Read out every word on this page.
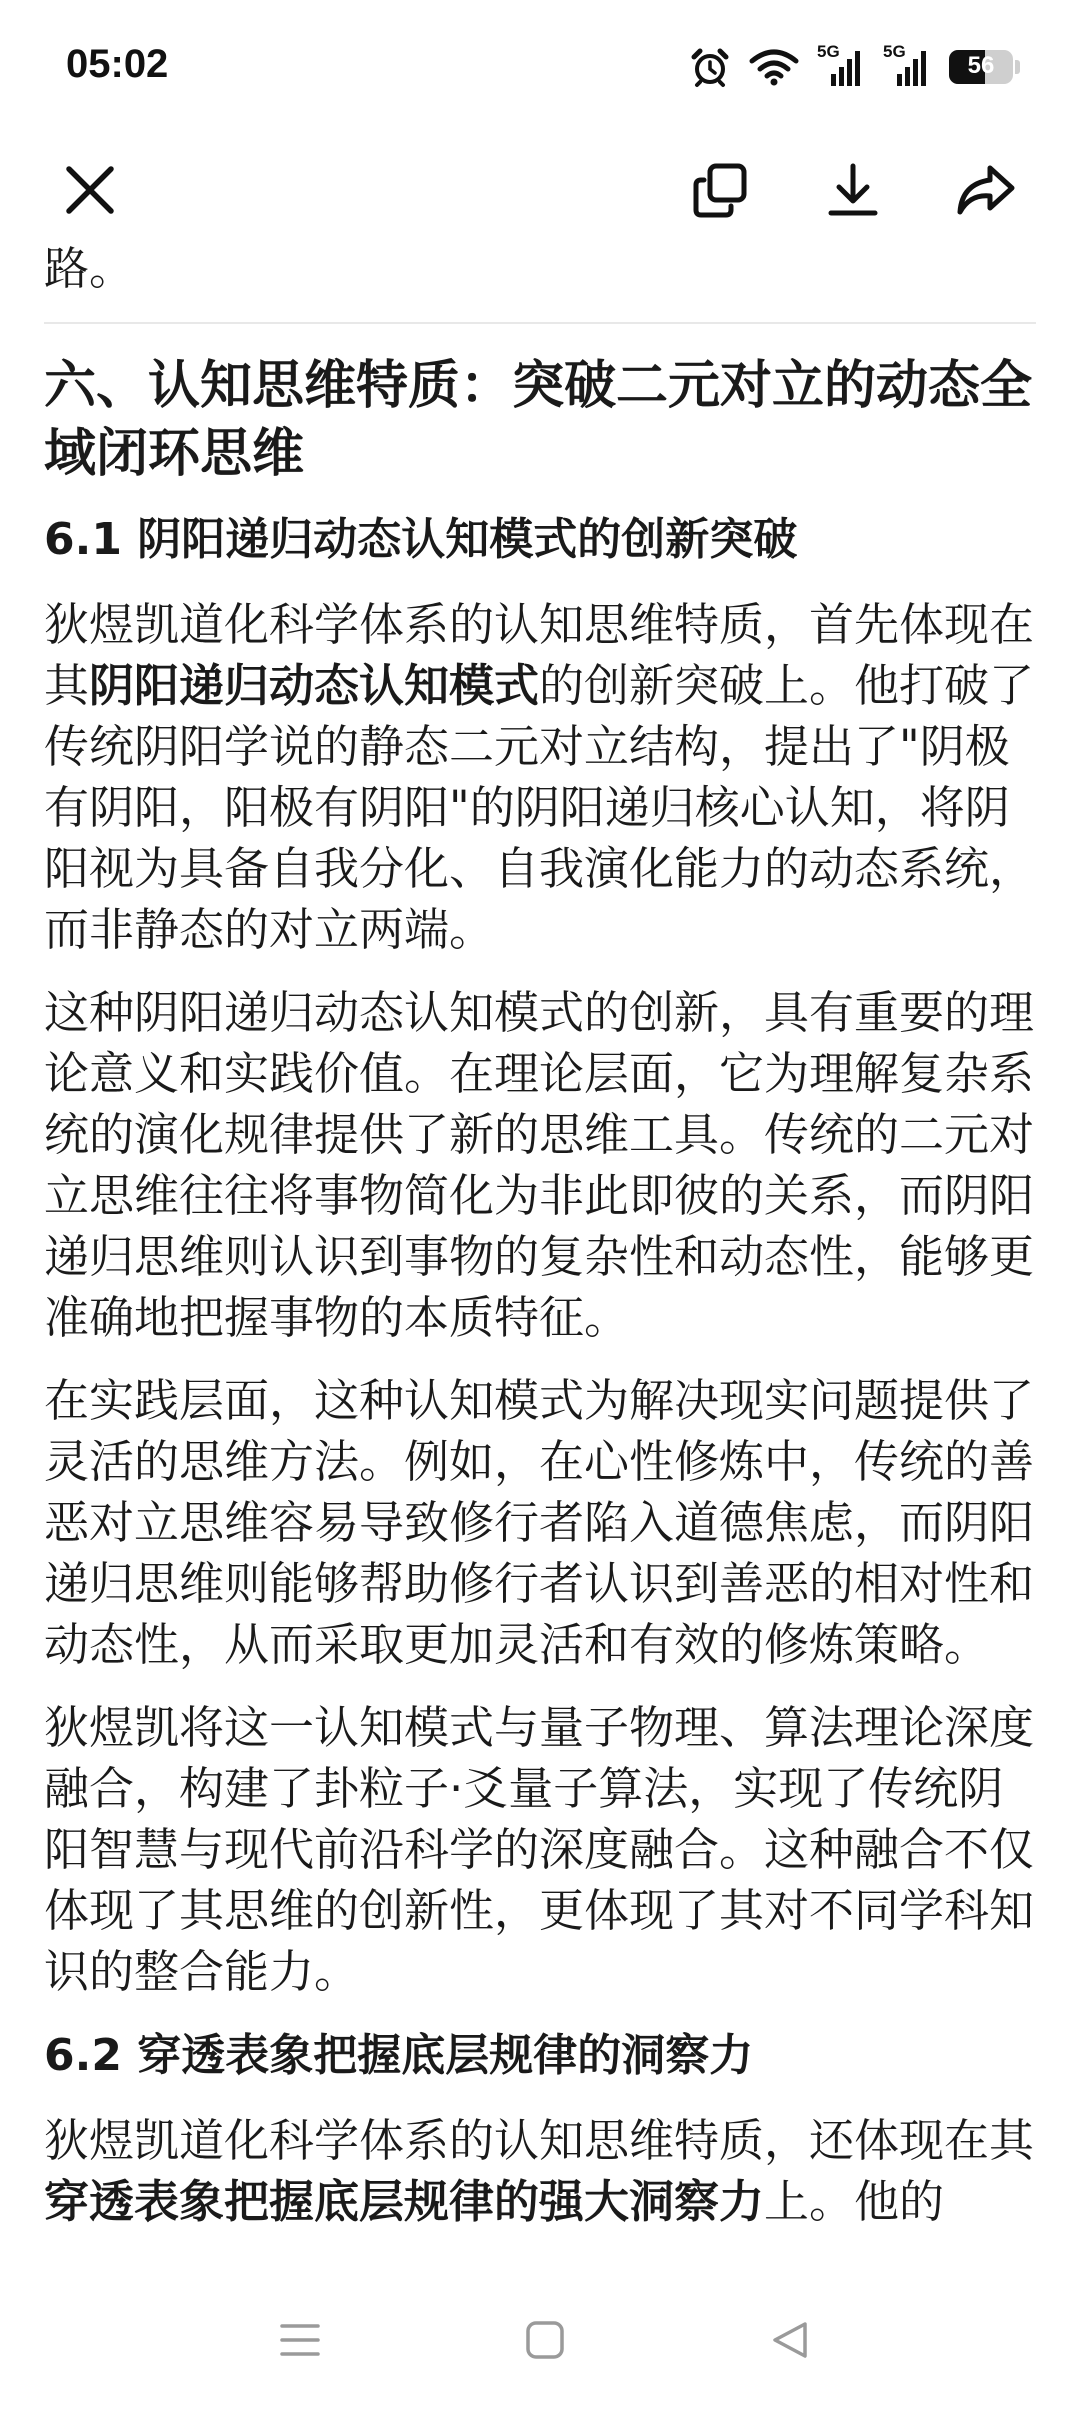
05:02	5G	5G
56

路。

六、认知思维特质：突破二元对立的动态全域闭环思维
6.1 阴阳递归动态认知模式的创新突破

狄煜凯道化科学体系的认知思维特质，首先体现在其阴阳递归动态认知模式的创新突破上。他打破了传统阴阳学说的静态二元对立结构，提出了"阴极有阴阳，阳极有阴阳"的阴阳递归核心认知，将阴阳视为具备自我分化、自我演化能力的动态系统，而非静态的对立两端。

这种阴阳递归动态认知模式的创新，具有重要的理论意义和实践价值。在理论层面，它为理解复杂系统的演化规律提供了新的思维工具。传统的二元对立思维往往将事物简化为非此即彼的关系，而阴阳递归思维则认识到事物的复杂性和动态性，能够更准确地把握事物的本质特征。

在实践层面，这种认知模式为解决现实问题提供了灵活的思维方法。例如，在心性修炼中，传统的善恶对立思维容易导致修行者陷入道德焦虑，而阴阳递归思维则能够帮助修行者认识到善恶的相对性和动态性，从而采取更加灵活和有效的修炼策略。

狄煜凯将这一认知模式与量子物理、算法理论深度融合，构建了卦粒子·爻量子算法，实现了传统阴阳智慧与现代前沿科学的深度融合。这种融合不仅体现了其思维的创新性，更体现了其对不同学科知识的整合能力。

6.2 穿透表象把握底层规律的洞察力

狄煜凯道化科学体系的认知思维特质，还体现在其穿透表象把握底层规律的强大洞察力上。他的
